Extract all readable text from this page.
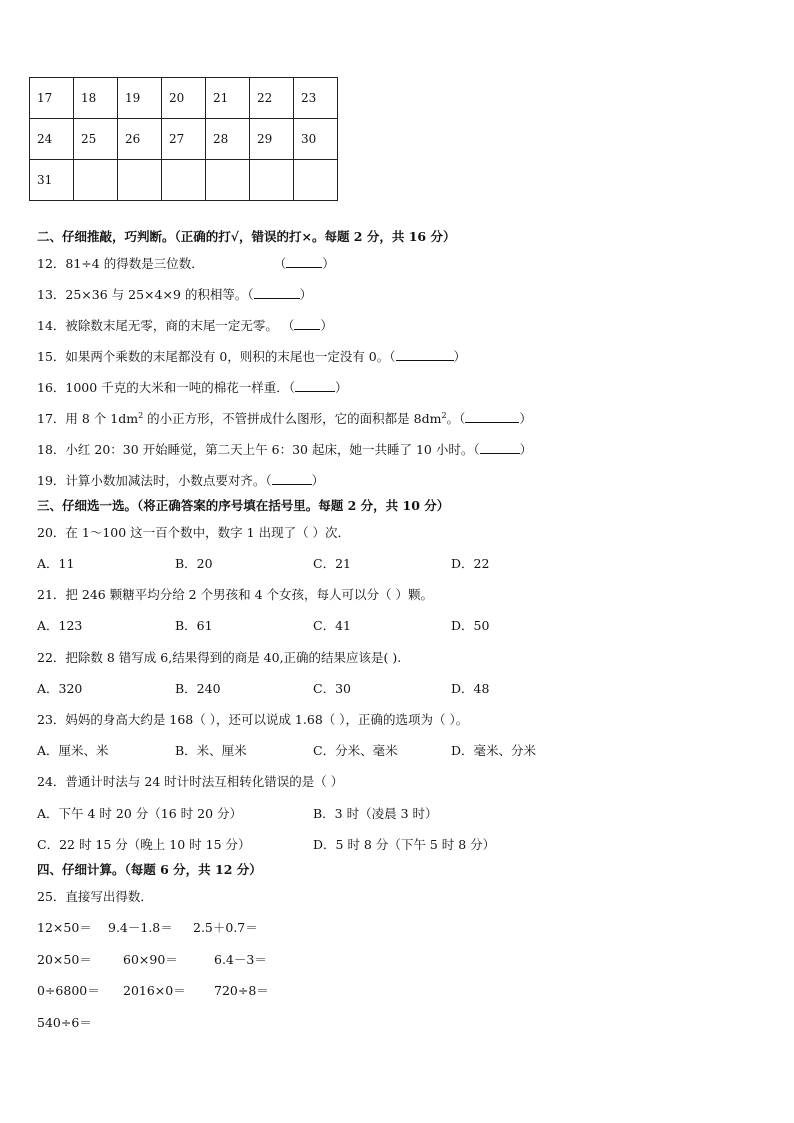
17	18	19	20	21	22	23
24	25	26	27	28	29	30
31						
二、仔细推敲，巧判断。（正确的打√，错误的打×。每题 2 分，共 16 分）
12．81÷4 的得数是三位数．	（	）
13．25×36 与 25×4×9 的积相等。（	）
14．被除数末尾无零，商的末尾一定无零。 （ ）
15．如果两个乘数的末尾都没有 0，则积的末尾也一定没有 0。（	）
16．1000 千克的大米和一吨的棉花一样重．（	）
17．用 8 个 $1dm^2$ 的小正方形，不管拼成什么图形，它的面积都是 $8dm^2$。（	）
18．小红 20：30 开始睡觉，第二天上午 6：30 起床，她一共睡了 10 小时。（	）
19．计算小数加减法时，小数点要对齐。（	）
三、仔细选一选。（将正确答案的序号填在括号里。每题 2 分，共 10 分）
20．在 1～100 这一百个数中，数字 1 出现了（ ）次．
A．11	B．20	C．21	D．22
21．把 246 颗糖平均分给 2 个男孩和 4 个女孩，每人可以分（ ）颗。
A．123	B．61	C．41	D．50
22．把除数 8 错写成 6,结果得到的商是 40,正确的结果应该是( ).
A．320	B．240	C．30	D．48
23．妈妈的身高大约是 168（ ），还可以说成 1.68（ ），正确的选项为（ ）。
A．厘米、米	B．米、厘米	C．分米、毫米	D．毫米、分米
24．普通计时法与 24 时计时法互相转化错误的是（ ）
A．下午 4 时 20 分（16 时 20 分）	B．3 时（凌晨 3 时）
C．22 时 15 分（晚上 10 时 15 分）	D．5 时 8 分（下午 5 时 8 分）
四、仔细计算。（每题 6 分，共 12 分）
25．直接写出得数．
12×50＝ 9.4－1.8＝ 2.5＋0.7＝
20×50＝ 60×90＝	6.4－3＝
0÷6800＝ 2016×0＝ 720÷8＝
540÷6＝
